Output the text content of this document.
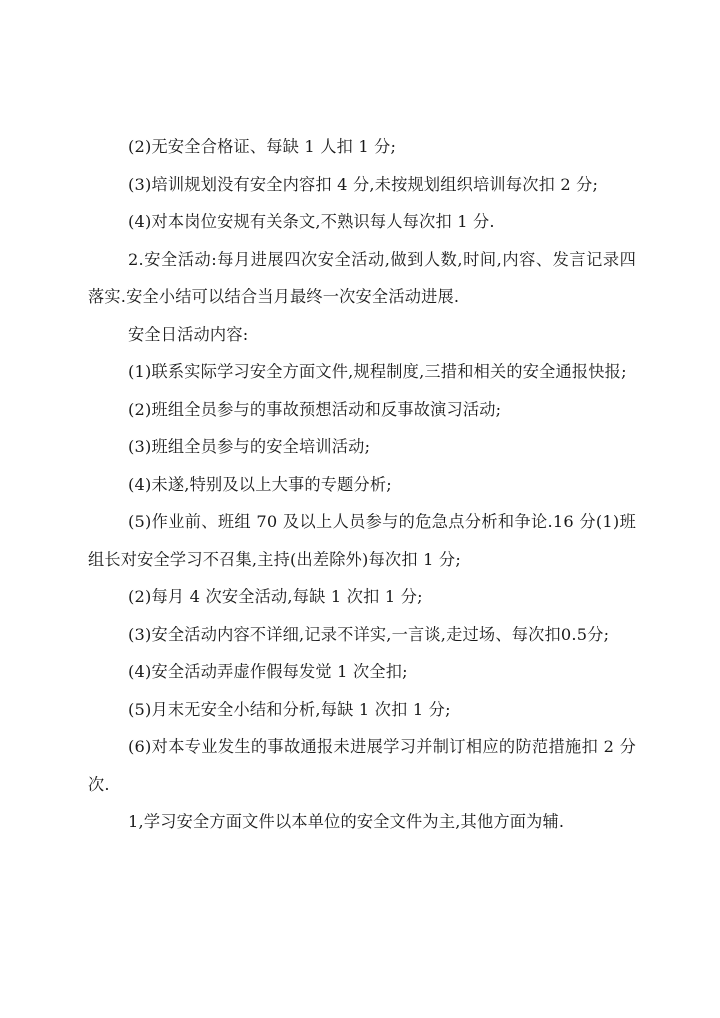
(2)无安全合格证、每缺 1 人扣 1 分;

(3)培训规划没有安全内容扣 4 分,未按规划组织培训每次扣 2 分;

(4)对本岗位安规有关条文,不熟识每人每次扣 1 分.

2.安全活动:每月进展四次安全活动,做到人数,时间,内容、发言记录四落实.安全小结可以结合当月最终一次安全活动进展.

安全日活动内容:

(1)联系实际学习安全方面文件,规程制度,三措和相关的安全通报快报;

(2)班组全员参与的事故预想活动和反事故演习活动;

(3)班组全员参与的安全培训活动;

(4)未遂,特别及以上大事的专题分析;

(5)作业前、班组 70 及以上人员参与的危急点分析和争论.16 分(1)班组长对安全学习不召集,主持(出差除外)每次扣 1 分;

(2)每月 4 次安全活动,每缺 1 次扣 1 分;

(3)安全活动内容不详细,记录不详实,一言谈,走过场、每次扣0.5分;

(4)安全活动弄虚作假每发觉 1 次全扣;

(5)月末无安全小结和分析,每缺 1 次扣 1 分;

(6)对本专业发生的事故通报未进展学习并制订相应的防范措施扣 2 分次.

1,学习安全方面文件以本单位的安全文件为主,其他方面为辅.
